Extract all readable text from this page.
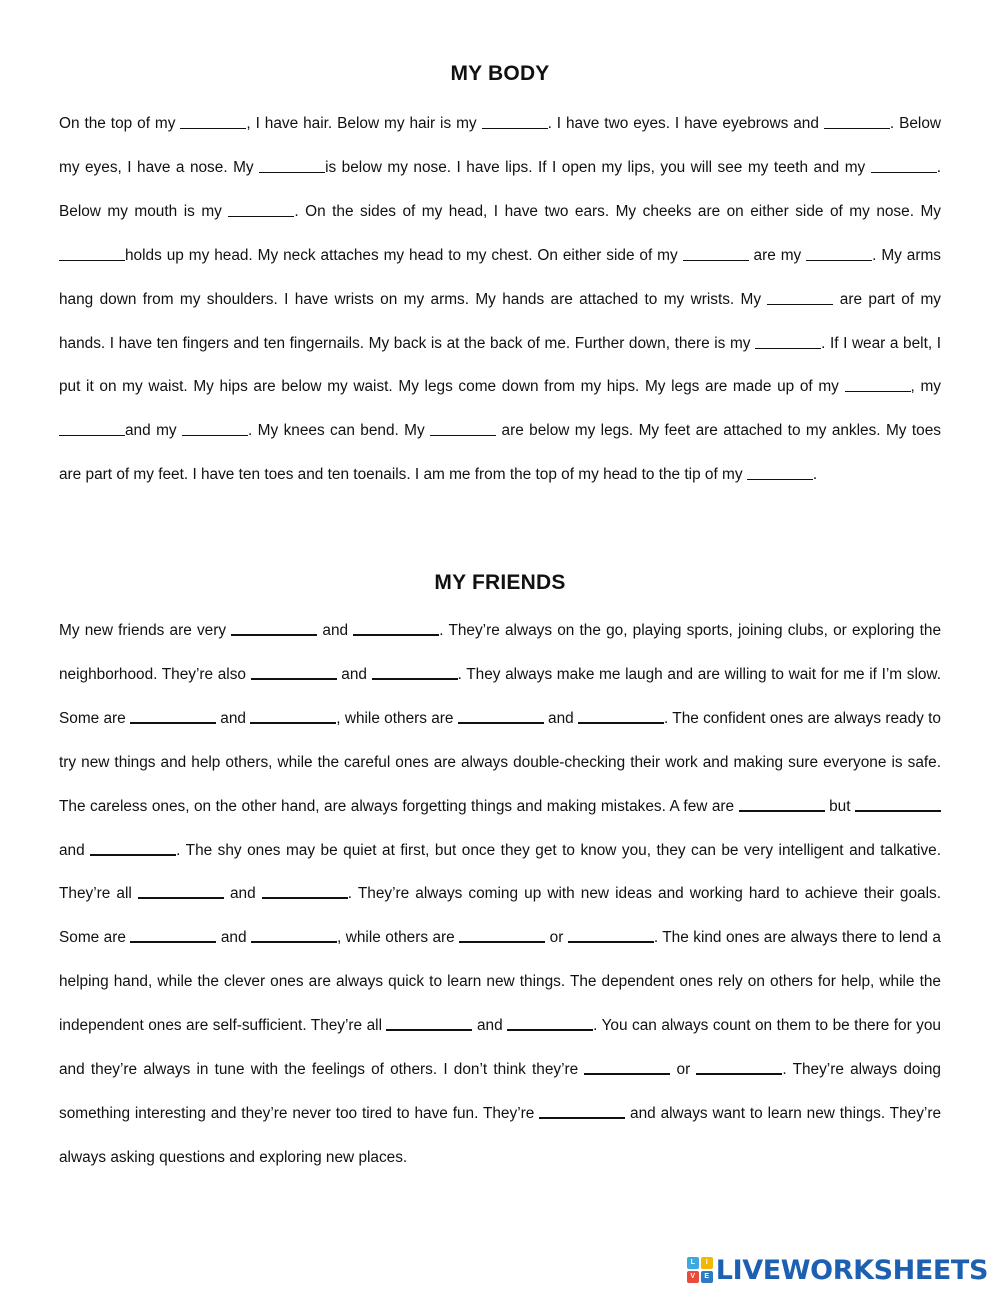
MY BODY

On the top of my	, I have hair. Below my hair is my	. I have two eyes. I have eyebrows and	. Below my eyes, I have a nose. My	is below my nose. I have lips. If I open my lips, you will see my teeth and my	. Below my mouth is my	. On the sides of my head, I have two ears. My cheeks are on either side of my nose. My holds up my head. My neck attaches my head to my chest. On either side of my	are my	. My arms hang down from my shoulders. I have wrists on my arms. My hands are attached to my wrists. My	are part of my hands. I have ten fingers and ten fingernails. My back is at the back of me. Further down, there is my	. If I wear a belt, I put it on my waist. My hips are below my waist. My legs come down from my hips. My legs are made up of my	, my and my	. My knees can bend. My	are below my legs. My feet are attached to my ankles. My toes are part of my feet. I have ten toes and ten toenails. I am me from the top of my head to the tip of my	.

MY FRIENDS

My new friends are very	and	. They’re always on the go, playing sports, joining clubs, or exploring the neighborhood. They’re also	and	. They always make me laugh and are willing to wait for me if I’m slow. Some are	and	, while others are	and	. The confident ones are always ready to try new things and help others, while the careful ones are always double-checking their work and making sure everyone is safe. The careless ones, on the other hand, are always forgetting things and making mistakes. A few are	but  and	. The shy ones may be quiet at first, but once they get to know you, they can be very intelligent and talkative. They’re all	and	. They’re always coming up with new ideas and working hard to achieve their goals. Some are	and	, while others are	or	. The kind ones are always there to lend a helping hand, while the clever ones are always quick to learn new things. The dependent ones rely on others for help, while the independent ones are self-sufficient. They’re all	and	. You can always count on them to be there for you and they’re always in tune with the feelings of others. I don’t think they’re	or	. They’re always doing something interesting and they’re never too tired to have fun. They’re	and always want to learn new things. They’re always asking questions and exploring new places.

L	I
V	E LIVEWORKSHEETS
